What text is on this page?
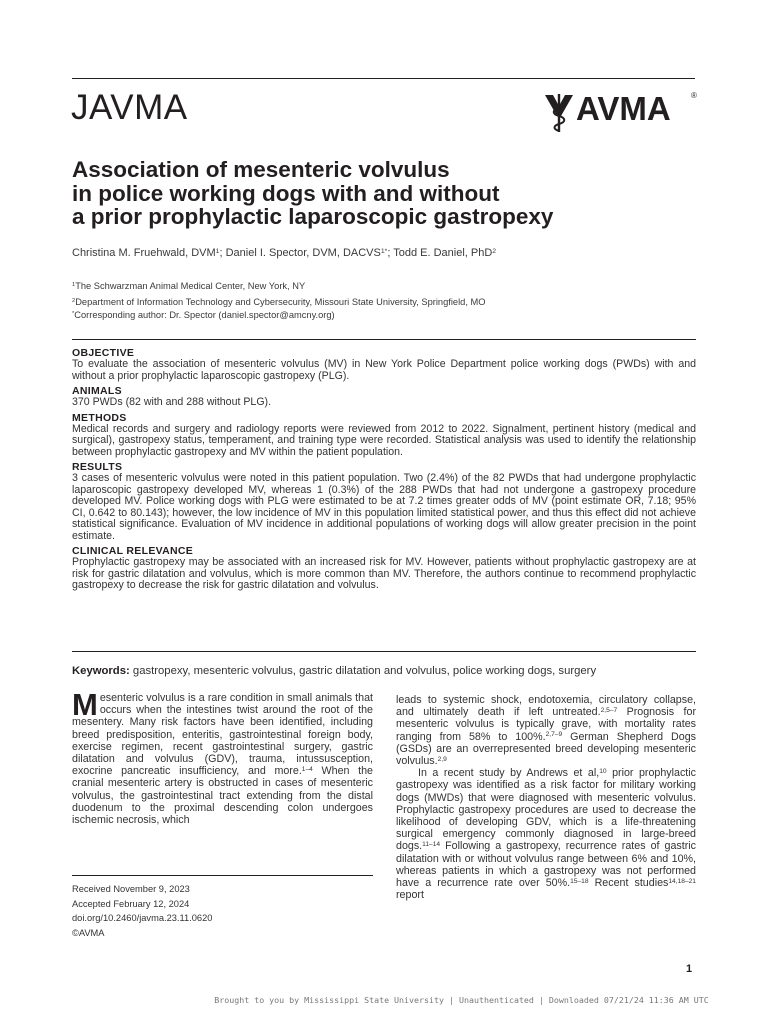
JAVMA	AVMA	®
Association of mesenteric volvulus
in police working dogs with and without
a prior prophylactic laparoscopic gastropexy
Christina M. Fruehwald, DVM$^1$; Daniel I. Spector, DVM, $DACVS^{1*}$; Todd E. Daniel, PhD$^2$
$^1$The Schwarzman Animal Medical Center, New York, NY
$^2$Department of Information Technology and Cybersecurity, Missouri State University, Springfield, MO
*Corresponding author: Dr. Spector (daniel.spector@amcny.org)
OBJECTIVE
To evaluate the association of mesenteric volvulus (MV) in New York Police Department police working dogs (PWDs) with and without a prior prophylactic laparoscopic gastropexy (PLG).
ANIMALS
370 PWDs (82 with and 288 without PLG).
METHODS
Medical records and surgery and radiology reports were reviewed from 2012 to 2022. Signalment, pertinent history (medical and surgical), gastropexy status, temperament, and training type were recorded. Statistical analysis was used to identify the relationship between prophylactic gastropexy and MV within the patient population.
RESULTS
3 cases of mesenteric volvulus were noted in this patient population. Two (2.4%) of the 82 PWDs that had undergone prophylactic laparoscopic gastropexy developed MV, whereas 1 (0.3%) of the 288 PWDs that had not undergone a gastropexy procedure developed MV. Police working dogs with PLG were estimated to be at 7.2 times greater odds of MV (point estimate OR, 7.18; 95% CI, 0.642 to 80.143); however, the low incidence of MV in this population limited statistical power, and thus this effect did not achieve statistical significance. Evaluation of MV incidence in additional populations of working dogs will allow greater precision in the point estimate.
CLINICAL RELEVANCE
Prophylactic gastropexy may be associated with an increased risk for MV. However, patients without prophylactic gastropexy are at risk for gastric dilatation and volvulus, which is more common than MV. Therefore, the authors continue to recommend prophylactic gastropexy to decrease the risk for gastric dilatation and volvulus.
Keywords: gastropexy, mesenteric volvulus, gastric dilatation and volvulus, police working dogs, surgery

Mesenteric volvulus is a rare condition in small animals that occurs when the intestines twist around the root of the mesentery. Many risk factors have been identified, including breed predisposition, enteritis, gastrointestinal foreign body, exercise regimen, recent gastrointestinal surgery, gastric dilatation and volvulus (GDV), trauma, intussusception, exocrine pancreatic insufficiency, and more.$^{1-4}$ When the cranial mesenteric artery is obstructed in cases of mesenteric volvulus, the gastrointestinal tract extending from the distal duodenum to the proximal descending colon undergoes ischemic necrosis, which

leads to systemic shock, endotoxemia, circulatory collapse, and ultimately death if left untreated.$^{2,5-7}$ Prognosis for mesenteric volvulus is typically grave, with mortality rates ranging from 58% to 100%.$^{2,7-9}$ German Shepherd Dogs (GSDs) are an overrepresented breed developing mesenteric volvulus.$^{2,9}$

In a recent study by Andrews et al,$^{10}$ prior prophylactic gastropexy was identified as a risk factor for military working dogs (MWDs) that were diagnosed with mesenteric volvulus. Prophylactic gastropexy procedures are used to decrease the likelihood of developing GDV, which is a life-threatening surgical emergency commonly diagnosed in large-breed dogs.$^{11-14}$ Following a gastropexy, recurrence rates of gastric dilatation with or without volvulus range between 6% and 10%, whereas patients in which a gastropexy was not performed have a recurrence rate over 50%.$^{15-18}$ Recent studies$^{14,18-21}$ report

Received November 9, 2023
Accepted February 12, 2024
doi.org/10.2460/javma.23.11.0620
©AVMA
1
Brought to you by Mississippi State University | Unauthenticated | Downloaded 07/21/24 11:36 AM UTC
